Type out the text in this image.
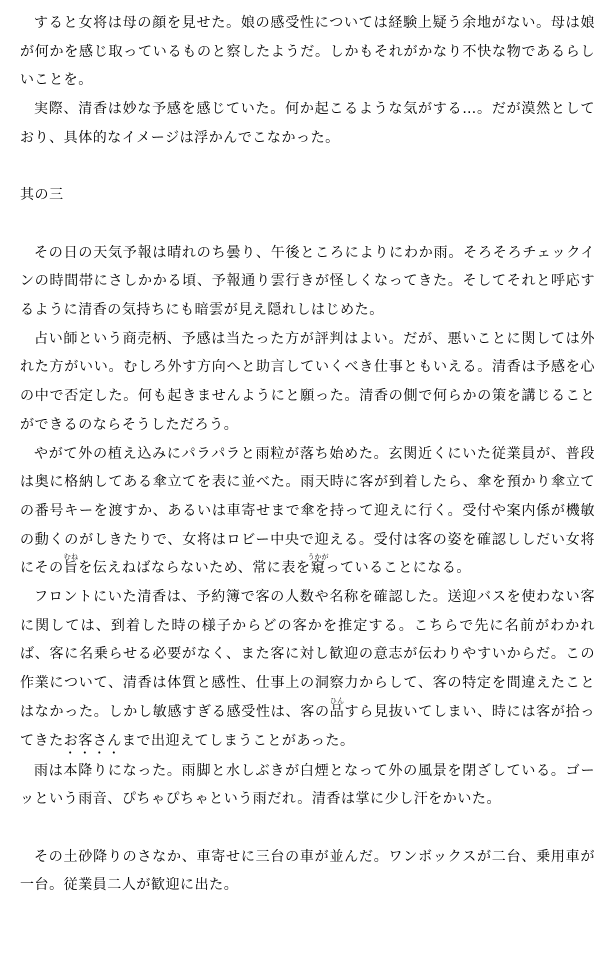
すると女将は母の顔を見せた。娘の感受性については経験上疑う余地がない。母は娘が何かを感じ取っているものと察したようだ。しかもそれがかなり不快な物であるらしいことを。

実際、清香は妙な予感を感じていた。何か起こるような気がする…。だが漠然としており、具体的なイメージは浮かんでこなかった。

其の三

その日の天気予報は晴れのち曇り、午後ところによりにわか雨。そろそろチェックインの時間帯にさしかかる頃、予報通り雲行きが怪しくなってきた。そしてそれと呼応するように清香の気持ちにも暗雲が見え隠れしはじめた。

占い師という商売柄、予感は当たった方が評判はよい。だが、悪いことに関しては外れた方がいい。むしろ外す方向へと助言していくべき仕事ともいえる。清香は予感を心の中で否定した。何も起きませんようにと願った。清香の側で何らかの策を講じることができるのならそうしただろう。

やがて外の植え込みにパラパラと雨粒が落ち始めた。玄関近くにいた従業員が、普段は奥に格納してある傘立てを表に並べた。雨天時に客が到着したら、傘を預かり傘立ての番号キーを渡すか、あるいは車寄せまで傘を持って迎えに行く。受付や案内係が機敏の動くのがしきたりで、女将はロビー中央で迎える。受付は客の姿を確認ししだい女将にその旨むねを伝えねばならないため、常に表を窺うかがっていることになる。

フロントにいた清香は、予約簿で客の人数や名称を確認した。送迎バスを使わない客に関しては、到着した時の様子からどの客かを推定する。こちらで先に名前がわかれば、客に名乗らせる必要がなく、また客に対し歓迎の意志が伝わりやすいからだ。この作業について、清香は体質と感性、仕事上の洞察力からして、客の特定を間違えたことはなかった。しかし敏感すぎる感受性は、客の品ひんすら見抜いてしまい、時には客が拾ってきたお客さんまで出迎えてしまうことがあった。

雨は本降りになった。雨脚と水しぶきが白煙となって外の風景を閉ざしている。ゴーッという雨音、ぴちゃぴちゃという雨だれ。清香は掌に少し汗をかいた。

その土砂降りのさなか、車寄せに三台の車が並んだ。ワンボックスが二台、乗用車が一台。従業員二人が歓迎に出た。
